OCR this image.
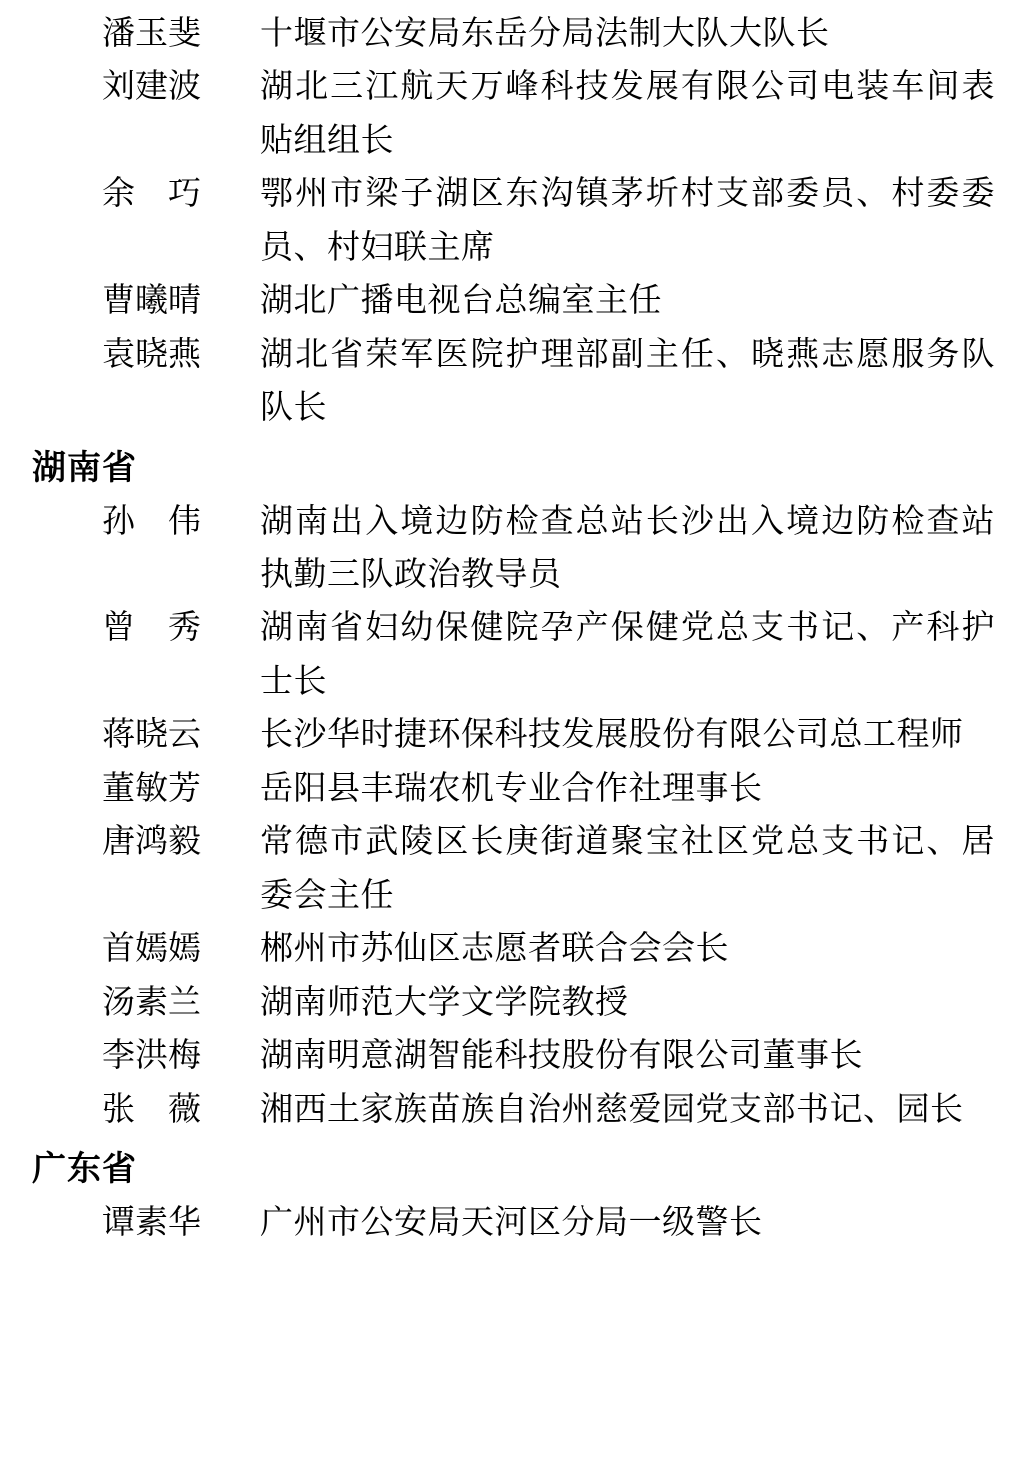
潘玉斐	十堰市公安局东岳分局法制大队大队长
刘建波	湖北三江航天万峰科技发展有限公司电装车间表贴组组长
余　巧	鄂州市梁子湖区东沟镇茅圻村支部委员、村委委员、村妇联主席
曹曦晴	湖北广播电视台总编室主任
袁晓燕	湖北省荣军医院护理部副主任、晓燕志愿服务队队长
湖南省
孙　伟	湖南出入境边防检查总站长沙出入境边防检查站执勤三队政治教导员
曾　秀	湖南省妇幼保健院孕产保健党总支书记、产科护士长
蒋晓云	长沙华时捷环保科技发展股份有限公司总工程师
董敏芳	岳阳县丰瑞农机专业合作社理事长
唐鸿毅	常德市武陵区长庚街道聚宝社区党总支书记、居委会主任
首嫣嫣	郴州市苏仙区志愿者联合会会长
汤素兰	湖南师范大学文学院教授
李洪梅	湖南明意湖智能科技股份有限公司董事长
张　薇	湘西土家族苗族自治州慈爱园党支部书记、园长
广东省
谭素华	广州市公安局天河区分局一级警长
